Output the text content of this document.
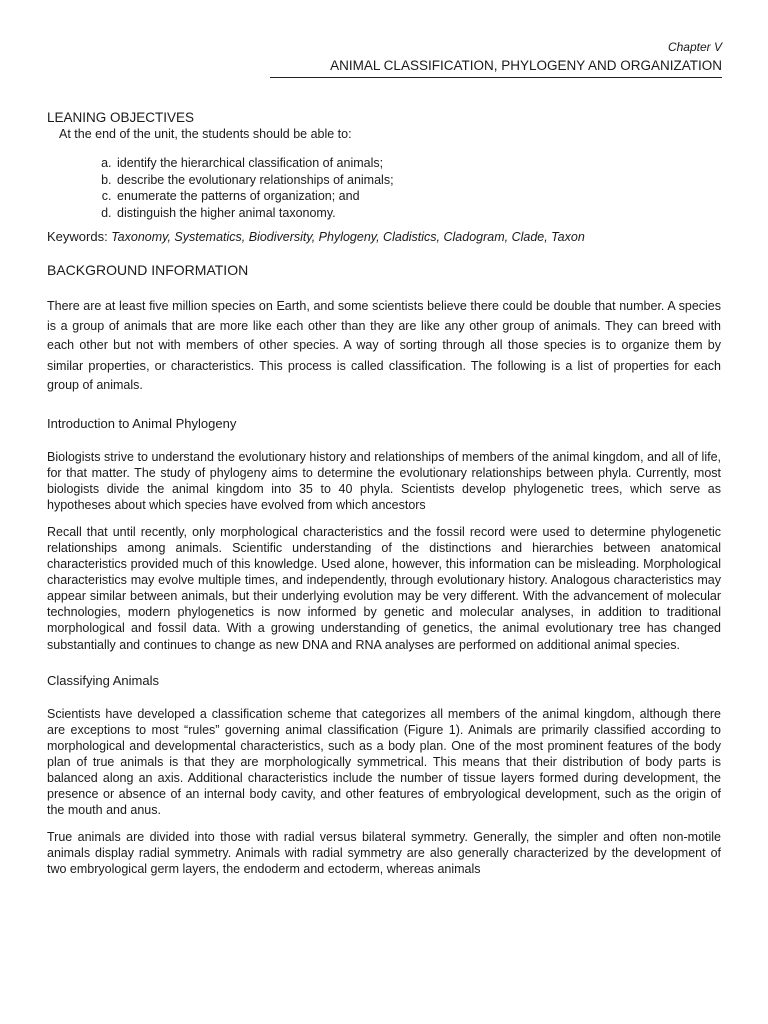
Chapter V
ANIMAL CLASSIFICATION, PHYLOGENY AND ORGANIZATION
LEANING OBJECTIVES
At the end of the unit, the students should be able to:
a. identify the hierarchical classification of animals;
b. describe the evolutionary relationships of animals;
c. enumerate the patterns of organization; and
d. distinguish the higher animal taxonomy.
Keywords: Taxonomy, Systematics, Biodiversity, Phylogeny, Cladistics, Cladogram, Clade, Taxon
BACKGROUND INFORMATION

There are at least five million species on Earth, and some scientists believe there could be double that number. A species is a group of animals that are more like each other than they are like any other group of animals. They can breed with each other but not with members of other species. A way of sorting through all those species is to organize them by similar properties, or characteristics. This process is called classification. The following is a list of properties for each group of animals.

Introduction to Animal Phylogeny

Biologists strive to understand the evolutionary history and relationships of members of the animal kingdom, and all of life, for that matter. The study of phylogeny aims to determine the evolutionary relationships between phyla. Currently, most biologists divide the animal kingdom into 35 to 40 phyla. Scientists develop phylogenetic trees, which serve as hypotheses about which species have evolved from which ancestors

Recall that until recently, only morphological characteristics and the fossil record were used to determine phylogenetic relationships among animals. Scientific understanding of the distinctions and hierarchies between anatomical characteristics provided much of this knowledge. Used alone, however, this information can be misleading. Morphological characteristics may evolve multiple times, and independently, through evolutionary history. Analogous characteristics may appear similar between animals, but their underlying evolution may be very different. With the advancement of molecular technologies, modern phylogenetics is now informed by genetic and molecular analyses, in addition to traditional morphological and fossil data. With a growing understanding of genetics, the animal evolutionary tree has changed substantially and continues to change as new DNA and RNA analyses are performed on additional animal species.

Classifying Animals

Scientists have developed a classification scheme that categorizes all members of the animal kingdom, although there are exceptions to most “rules” governing animal classification (Figure 1). Animals are primarily classified according to morphological and developmental characteristics, such as a body plan. One of the most prominent features of the body plan of true animals is that they are morphologically symmetrical. This means that their distribution of body parts is balanced along an axis. Additional characteristics include the number of tissue layers formed during development, the presence or absence of an internal body cavity, and other features of embryological development, such as the origin of the mouth and anus.

True animals are divided into those with radial versus bilateral symmetry. Generally, the simpler and often non-motile animals display radial symmetry. Animals with radial symmetry are also generally characterized by the development of two embryological germ layers, the endoderm and ectoderm, whereas animals
